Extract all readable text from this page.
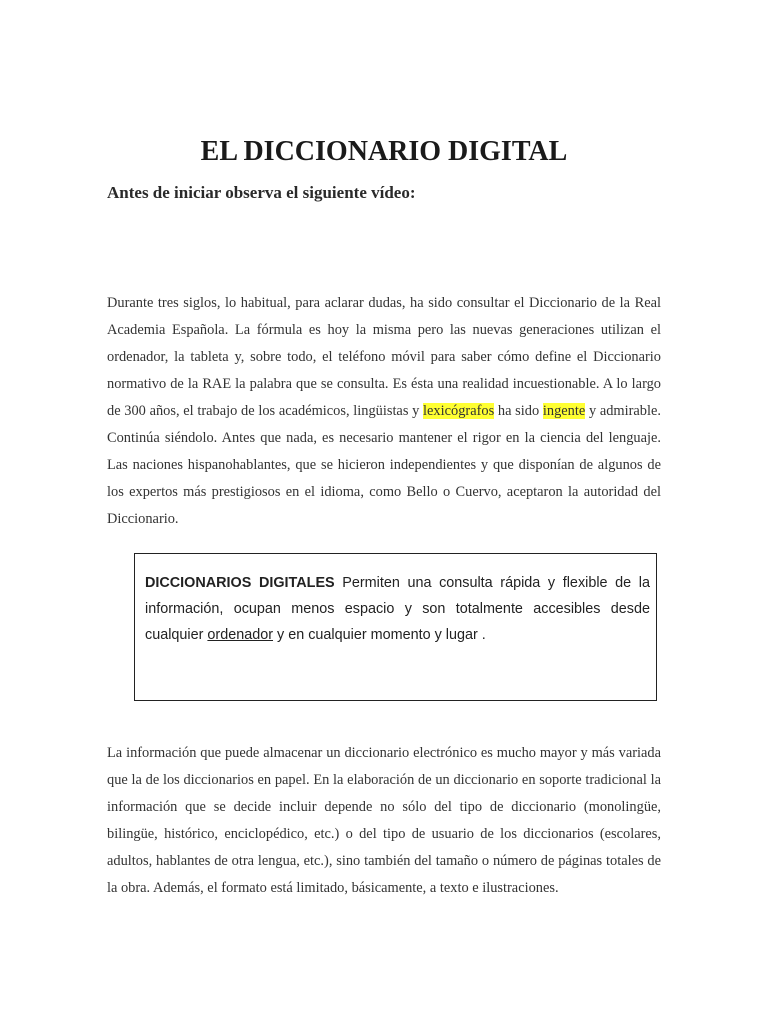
EL DICCIONARIO DIGITAL

Antes de iniciar observa el siguiente vídeo:

Durante tres siglos, lo habitual, para aclarar dudas, ha sido consultar el Diccionario de la Real Academia Española. La fórmula es hoy la misma pero las nuevas generaciones utilizan el ordenador, la tableta y, sobre todo, el teléfono móvil para saber cómo define el Diccionario normativo de la RAE la palabra que se consulta. Es ésta una realidad incuestionable. A lo largo de 300 años, el trabajo de los académicos, lingüistas y lexicógrafos ha sido ingente y admirable. Continúa siéndolo. Antes que nada, es necesario mantener el rigor en la ciencia del lenguaje. Las naciones hispanohablantes, que se hicieron independientes y que disponían de algunos de los expertos más prestigiosos en el idioma, como Bello o Cuervo, aceptaron la autoridad del Diccionario.

DICCIONARIOS DIGITALES Permiten una consulta rápida y flexible de la información, ocupan menos espacio y son totalmente accesibles desde cualquier ordenador y en cualquier momento y lugar .

La información que puede almacenar un diccionario electrónico es mucho mayor y más variada que la de los diccionarios en papel. En la elaboración de un diccionario en soporte tradicional la información que se decide incluir depende no sólo del tipo de diccionario (monolingüe, bilingüe, histórico, enciclopédico, etc.) o del tipo de usuario de los diccionarios (escolares, adultos, hablantes de otra lengua, etc.), sino también del tamaño o número de páginas totales de la obra. Además, el formato está limitado, básicamente, a texto e ilustraciones.
